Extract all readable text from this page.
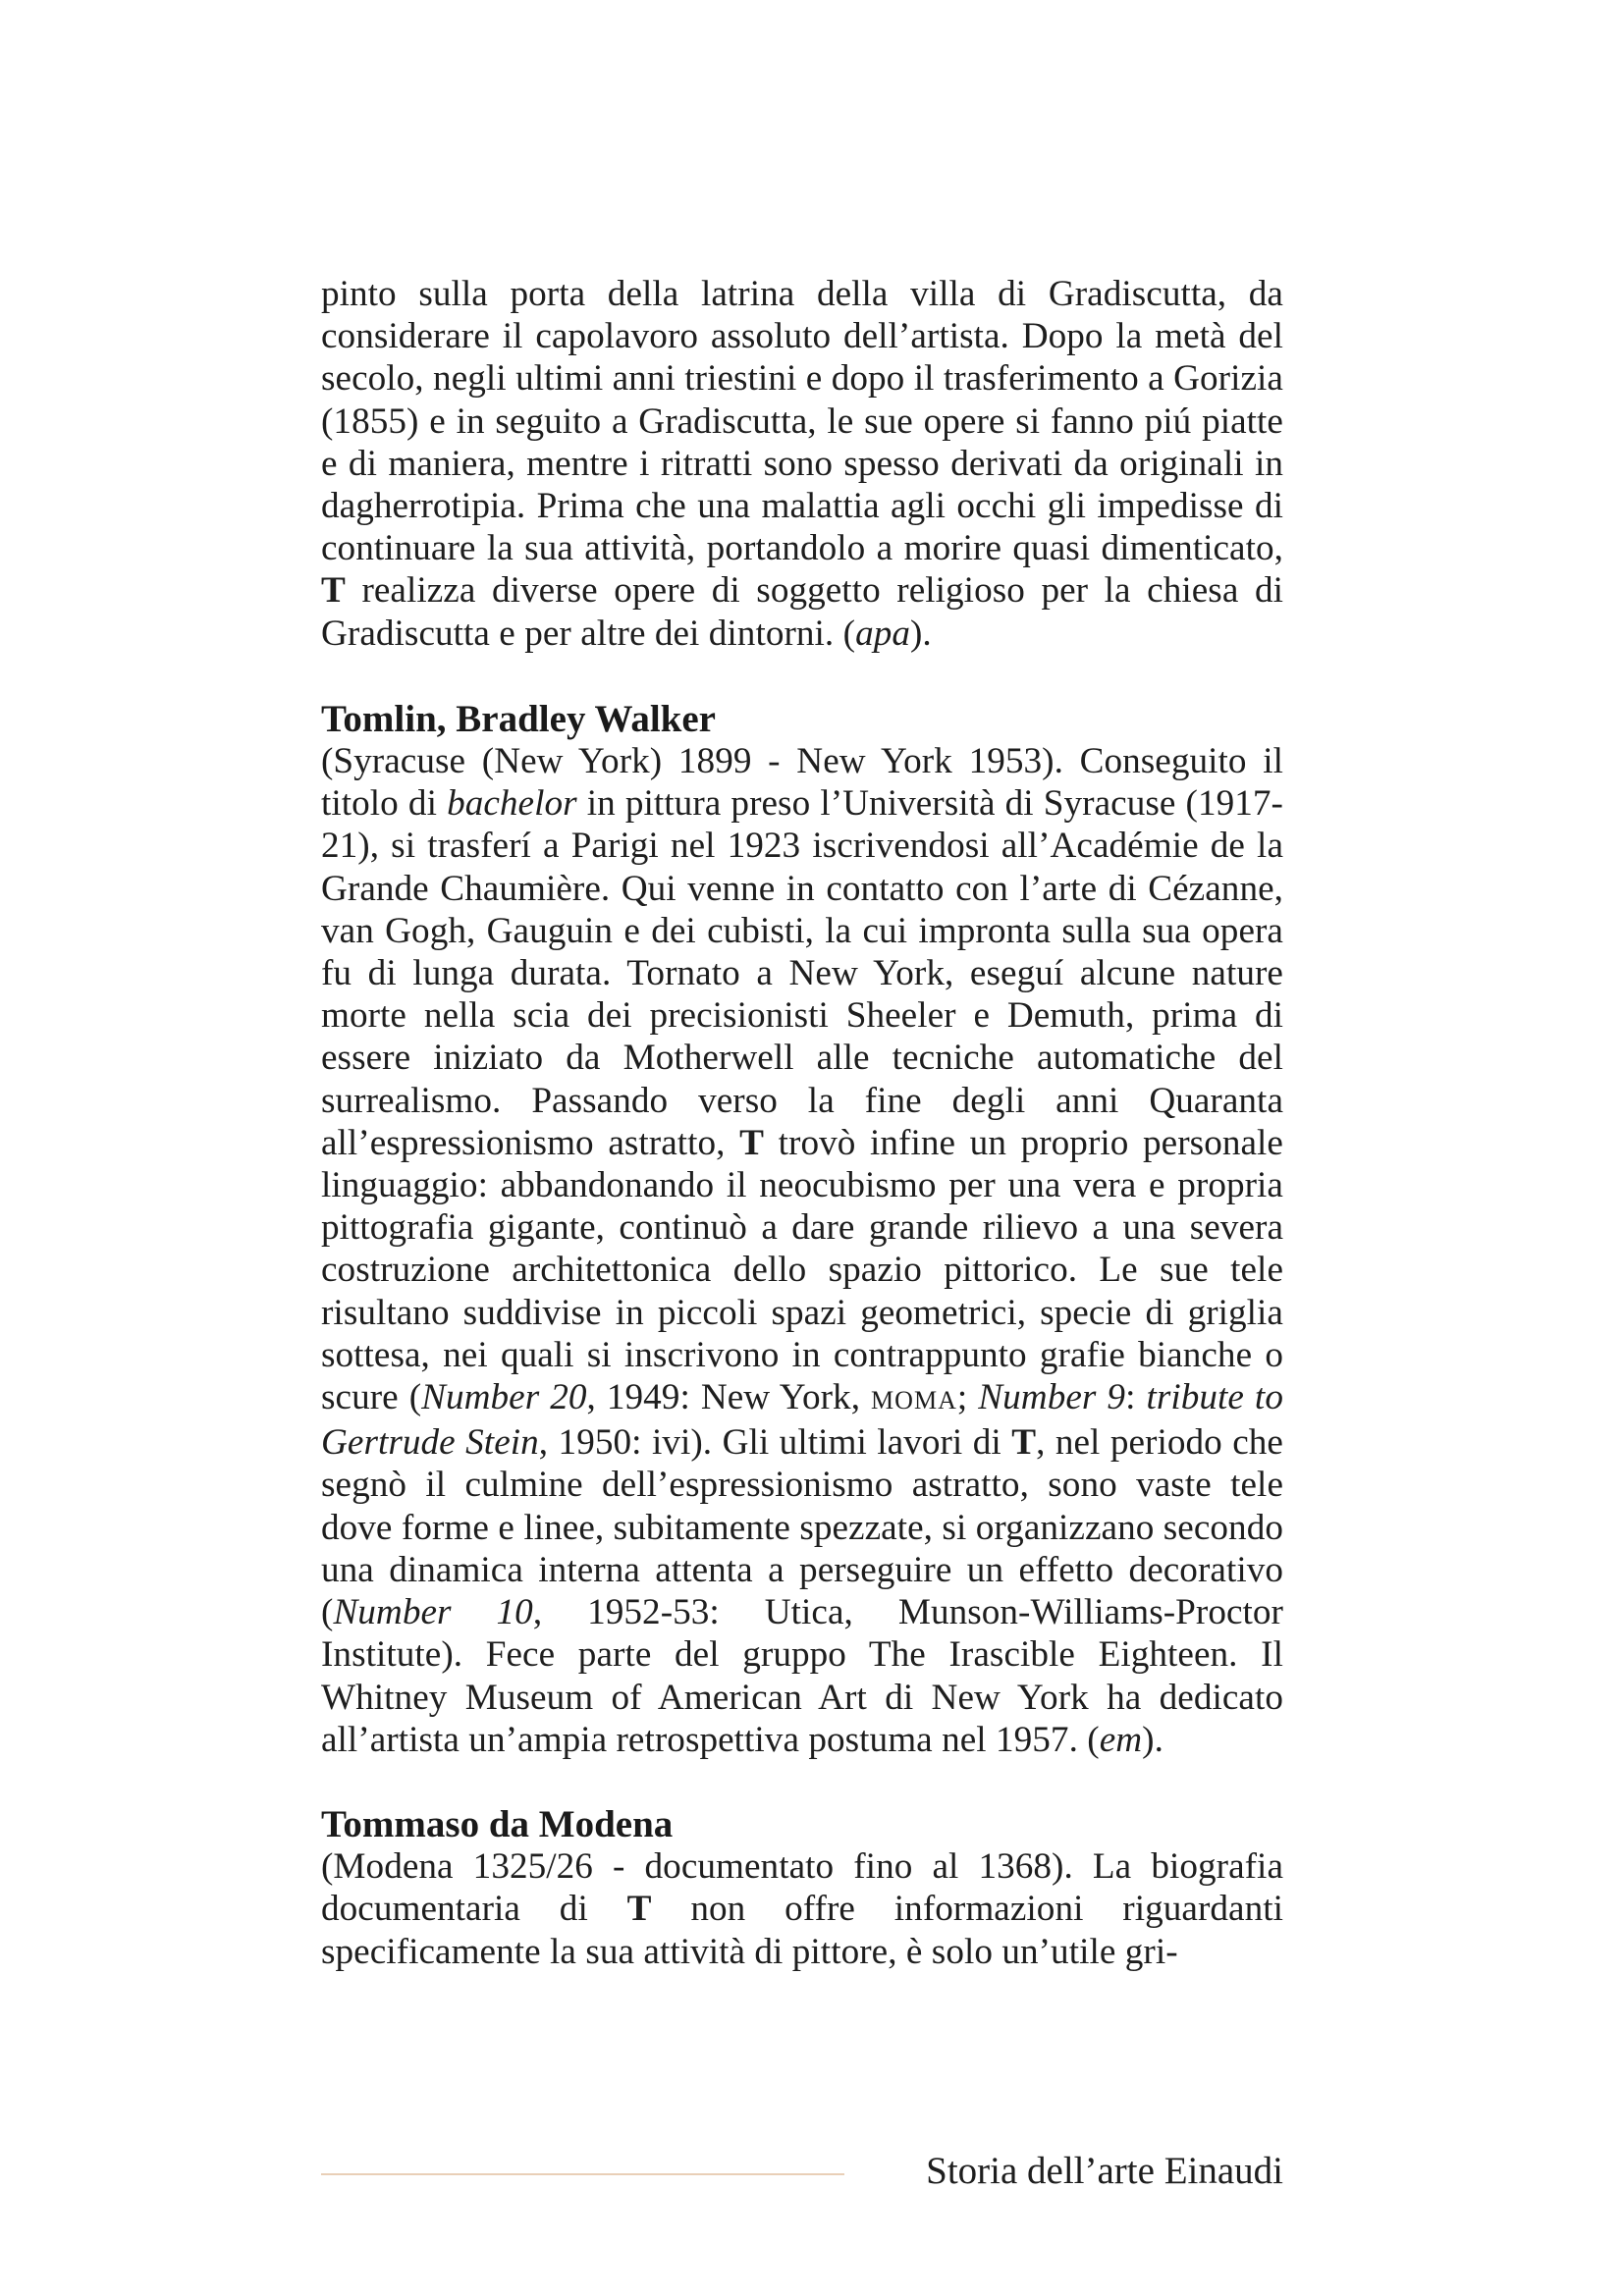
pinto sulla porta della latrina della villa di Gradiscutta, da considerare il capolavoro assoluto dell’artista. Dopo la metà del secolo, negli ultimi anni triestini e dopo il trasferimento a Gorizia (1855) e in seguito a Gradiscutta, le sue opere si fanno piú piatte e di maniera, mentre i ritratti sono spesso derivati da originali in dagherrotipia. Prima che una malattia agli occhi gli impedisse di continuare la sua attività, portandolo a morire quasi dimenticato, T realizza diverse opere di soggetto religioso per la chiesa di Gradiscutta e per altre dei dintorni. (apa).

Tomlin, Bradley Walker

(Syracuse (New York) 1899 - New York 1953). Conseguito il titolo di bachelor in pittura preso l’Università di Syracuse (1917-21), si trasferí a Parigi nel 1923 iscrivendosi all’Académie de la Grande Chaumière. Qui venne in contatto con l’arte di Cézanne, van Gogh, Gauguin e dei cubisti, la cui impronta sulla sua opera fu di lunga durata. Tornato a New York, eseguí alcune nature morte nella scia dei precisionisti Sheeler e Demuth, prima di essere iniziato da Motherwell alle tecniche automatiche del surrealismo. Passando verso la fine degli anni Quaranta all’espressionismo astratto, T trovò infine un proprio personale linguaggio: abbandonando il neocubismo per una vera e propria pittografia gigante, continuò a dare grande rilievo a una severa costruzione architettonica dello spazio pittorico. Le sue tele risultano suddivise in piccoli spazi geometrici, specie di griglia sottesa, nei quali si inscrivono in contrappunto grafie bianche o scure (Number 20, 1949: New York, MOMA; Number 9: tribute to Gertrude Stein, 1950: ivi). Gli ultimi lavori di T, nel periodo che segnò il culmine dell’espressionismo astratto, sono vaste tele dove forme e linee, subitamente spezzate, si organizzano secondo una dinamica interna attenta a perseguire un effetto decorativo (Number 10, 1952-53: Utica, Munson-Williams-Proctor Institute). Fece parte del gruppo The Irascible Eighteen. Il Whitney Museum of American Art di New York ha dedicato all’artista un’ampia retrospettiva postuma nel 1957. (em).

Tommaso da Modena

(Modena 1325/26 - documentato fino al 1368). La biografia documentaria di T non offre informazioni riguardanti specificamente la sua attività di pittore, è solo un’utile gri-

Storia dell’arte Einaudi
